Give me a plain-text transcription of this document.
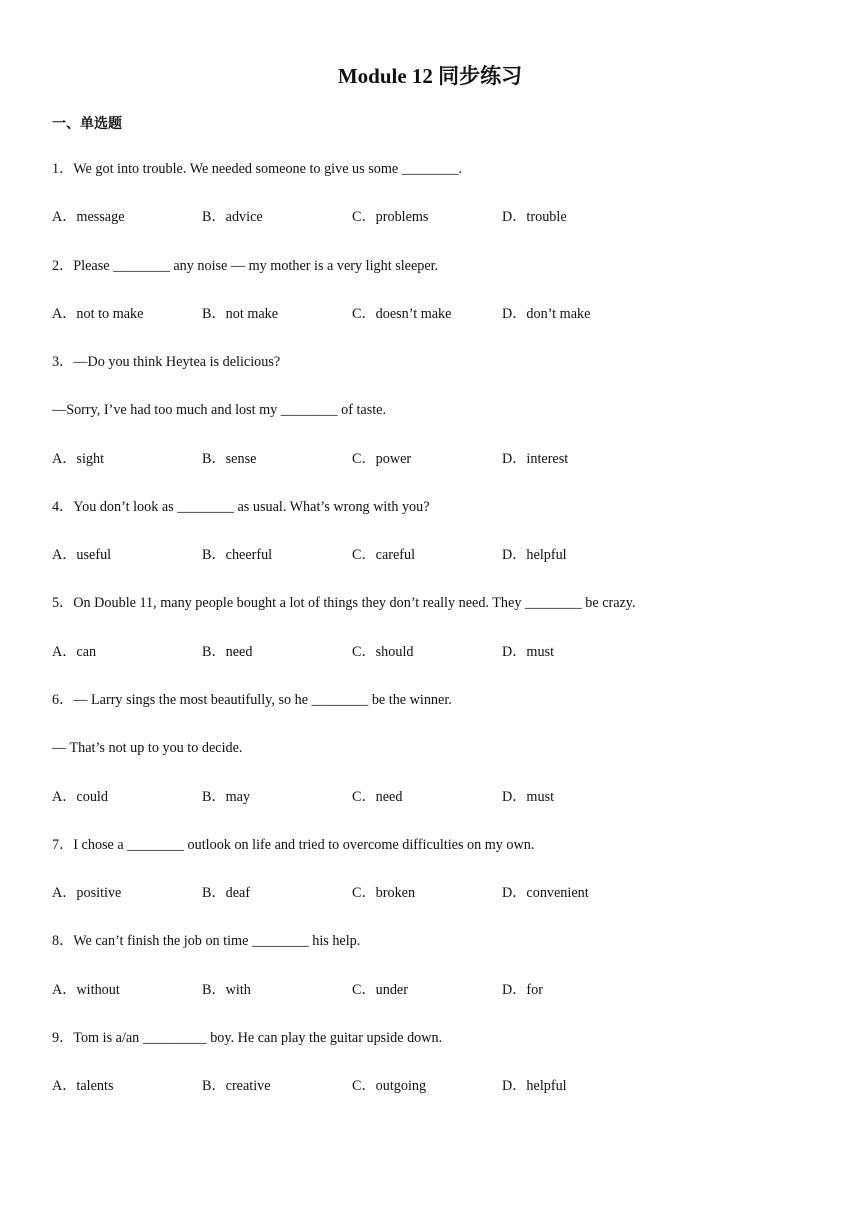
Module 12 同步练习
一、单选题
1．We got into trouble. We needed someone to give us some ________.
A．message	B．advice	C．problems	D．trouble
2．Please ________ any noise — my mother is a very light sleeper.
A．not to make	B．not make	C．doesn’t make	D．don’t make
3．—Do you think Heytea is delicious?
—Sorry, I’ve had too much and lost my ________ of taste.
A．sight	B．sense	C．power	D．interest
4．You don’t look as ________ as usual. What’s wrong with you?
A．useful	B．cheerful	C．careful	D．helpful
5．On Double 11, many people bought a lot of things they don’t really need. They ________ be crazy.
A．can	B．need	C．should	D．must
6．— Larry sings the most beautifully, so he ________ be the winner.
— That’s not up to you to decide.
A．could	B．may	C．need	D．must
7．I chose a ________ outlook on life and tried to overcome difficulties on my own.
A．positive	B．deaf	C．broken	D．convenient
8．We can’t finish the job on time ________ his help.
A．without	B．with	C．under	D．for
9．Tom is a/an _________ boy. He can play the guitar upside down.
A．talents	B．creative	C．outgoing	D．helpful
